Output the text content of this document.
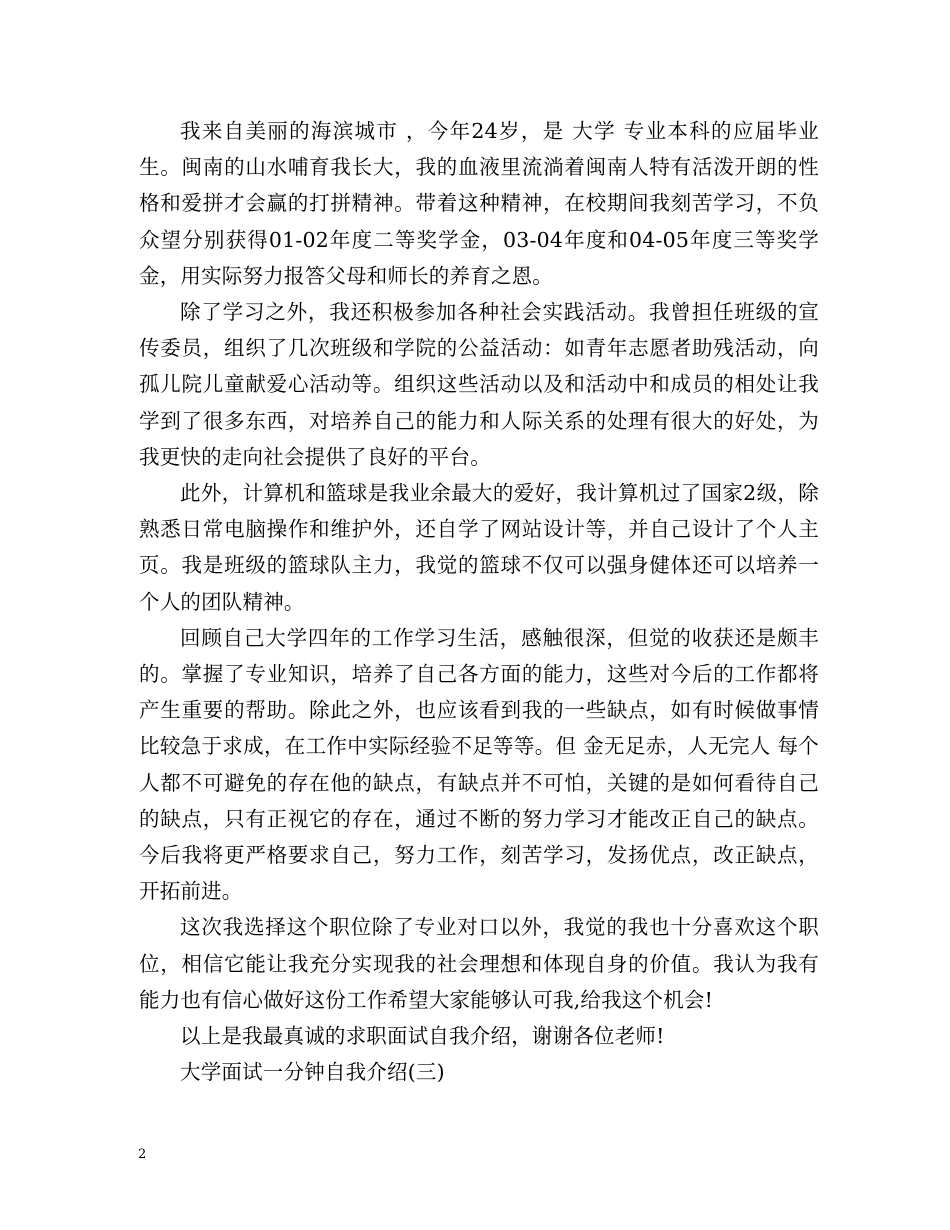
我来自美丽的海滨城市 ，今年24岁，是 大学 专业本科的应届毕业生。闽南的山水哺育我长大，我的血液里流淌着闽南人特有活泼开朗的性格和爱拼才会赢的打拼精神。带着这种精神，在校期间我刻苦学习，不负众望分别获得01-02年度二等奖学金，03-04年度和04-05年度三等奖学金，用实际努力报答父母和师长的养育之恩。

除了学习之外，我还积极参加各种社会实践活动。我曾担任班级的宣传委员，组织了几次班级和学院的公益活动：如青年志愿者助残活动，向孤儿院儿童献爱心活动等。组织这些活动以及和活动中和成员的相处让我学到了很多东西，对培养自己的能力和人际关系的处理有很大的好处，为我更快的走向社会提供了良好的平台。

此外，计算机和篮球是我业余最大的爱好，我计算机过了国家2级，除熟悉日常电脑操作和维护外，还自学了网站设计等，并自己设计了个人主页。我是班级的篮球队主力，我觉的篮球不仅可以强身健体还可以培养一个人的团队精神。

回顾自己大学四年的工作学习生活，感触很深，但觉的收获还是颇丰的。掌握了专业知识，培养了自己各方面的能力，这些对今后的工作都将产生重要的帮助。除此之外，也应该看到我的一些缺点，如有时候做事情比较急于求成，在工作中实际经验不足等等。但 金无足赤，人无完人 每个人都不可避免的存在他的缺点，有缺点并不可怕，关键的是如何看待自己的缺点，只有正视它的存在，通过不断的努力学习才能改正自己的缺点。今后我将更严格要求自己，努力工作，刻苦学习，发扬优点，改正缺点，开拓前进。

这次我选择这个职位除了专业对口以外，我觉的我也十分喜欢这个职位，相信它能让我充分实现我的社会理想和体现自身的价值。我认为我有能力也有信心做好这份工作希望大家能够认可我,给我这个机会!

以上是我最真诚的求职面试自我介绍，谢谢各位老师!

大学面试一分钟自我介绍(三)

2
